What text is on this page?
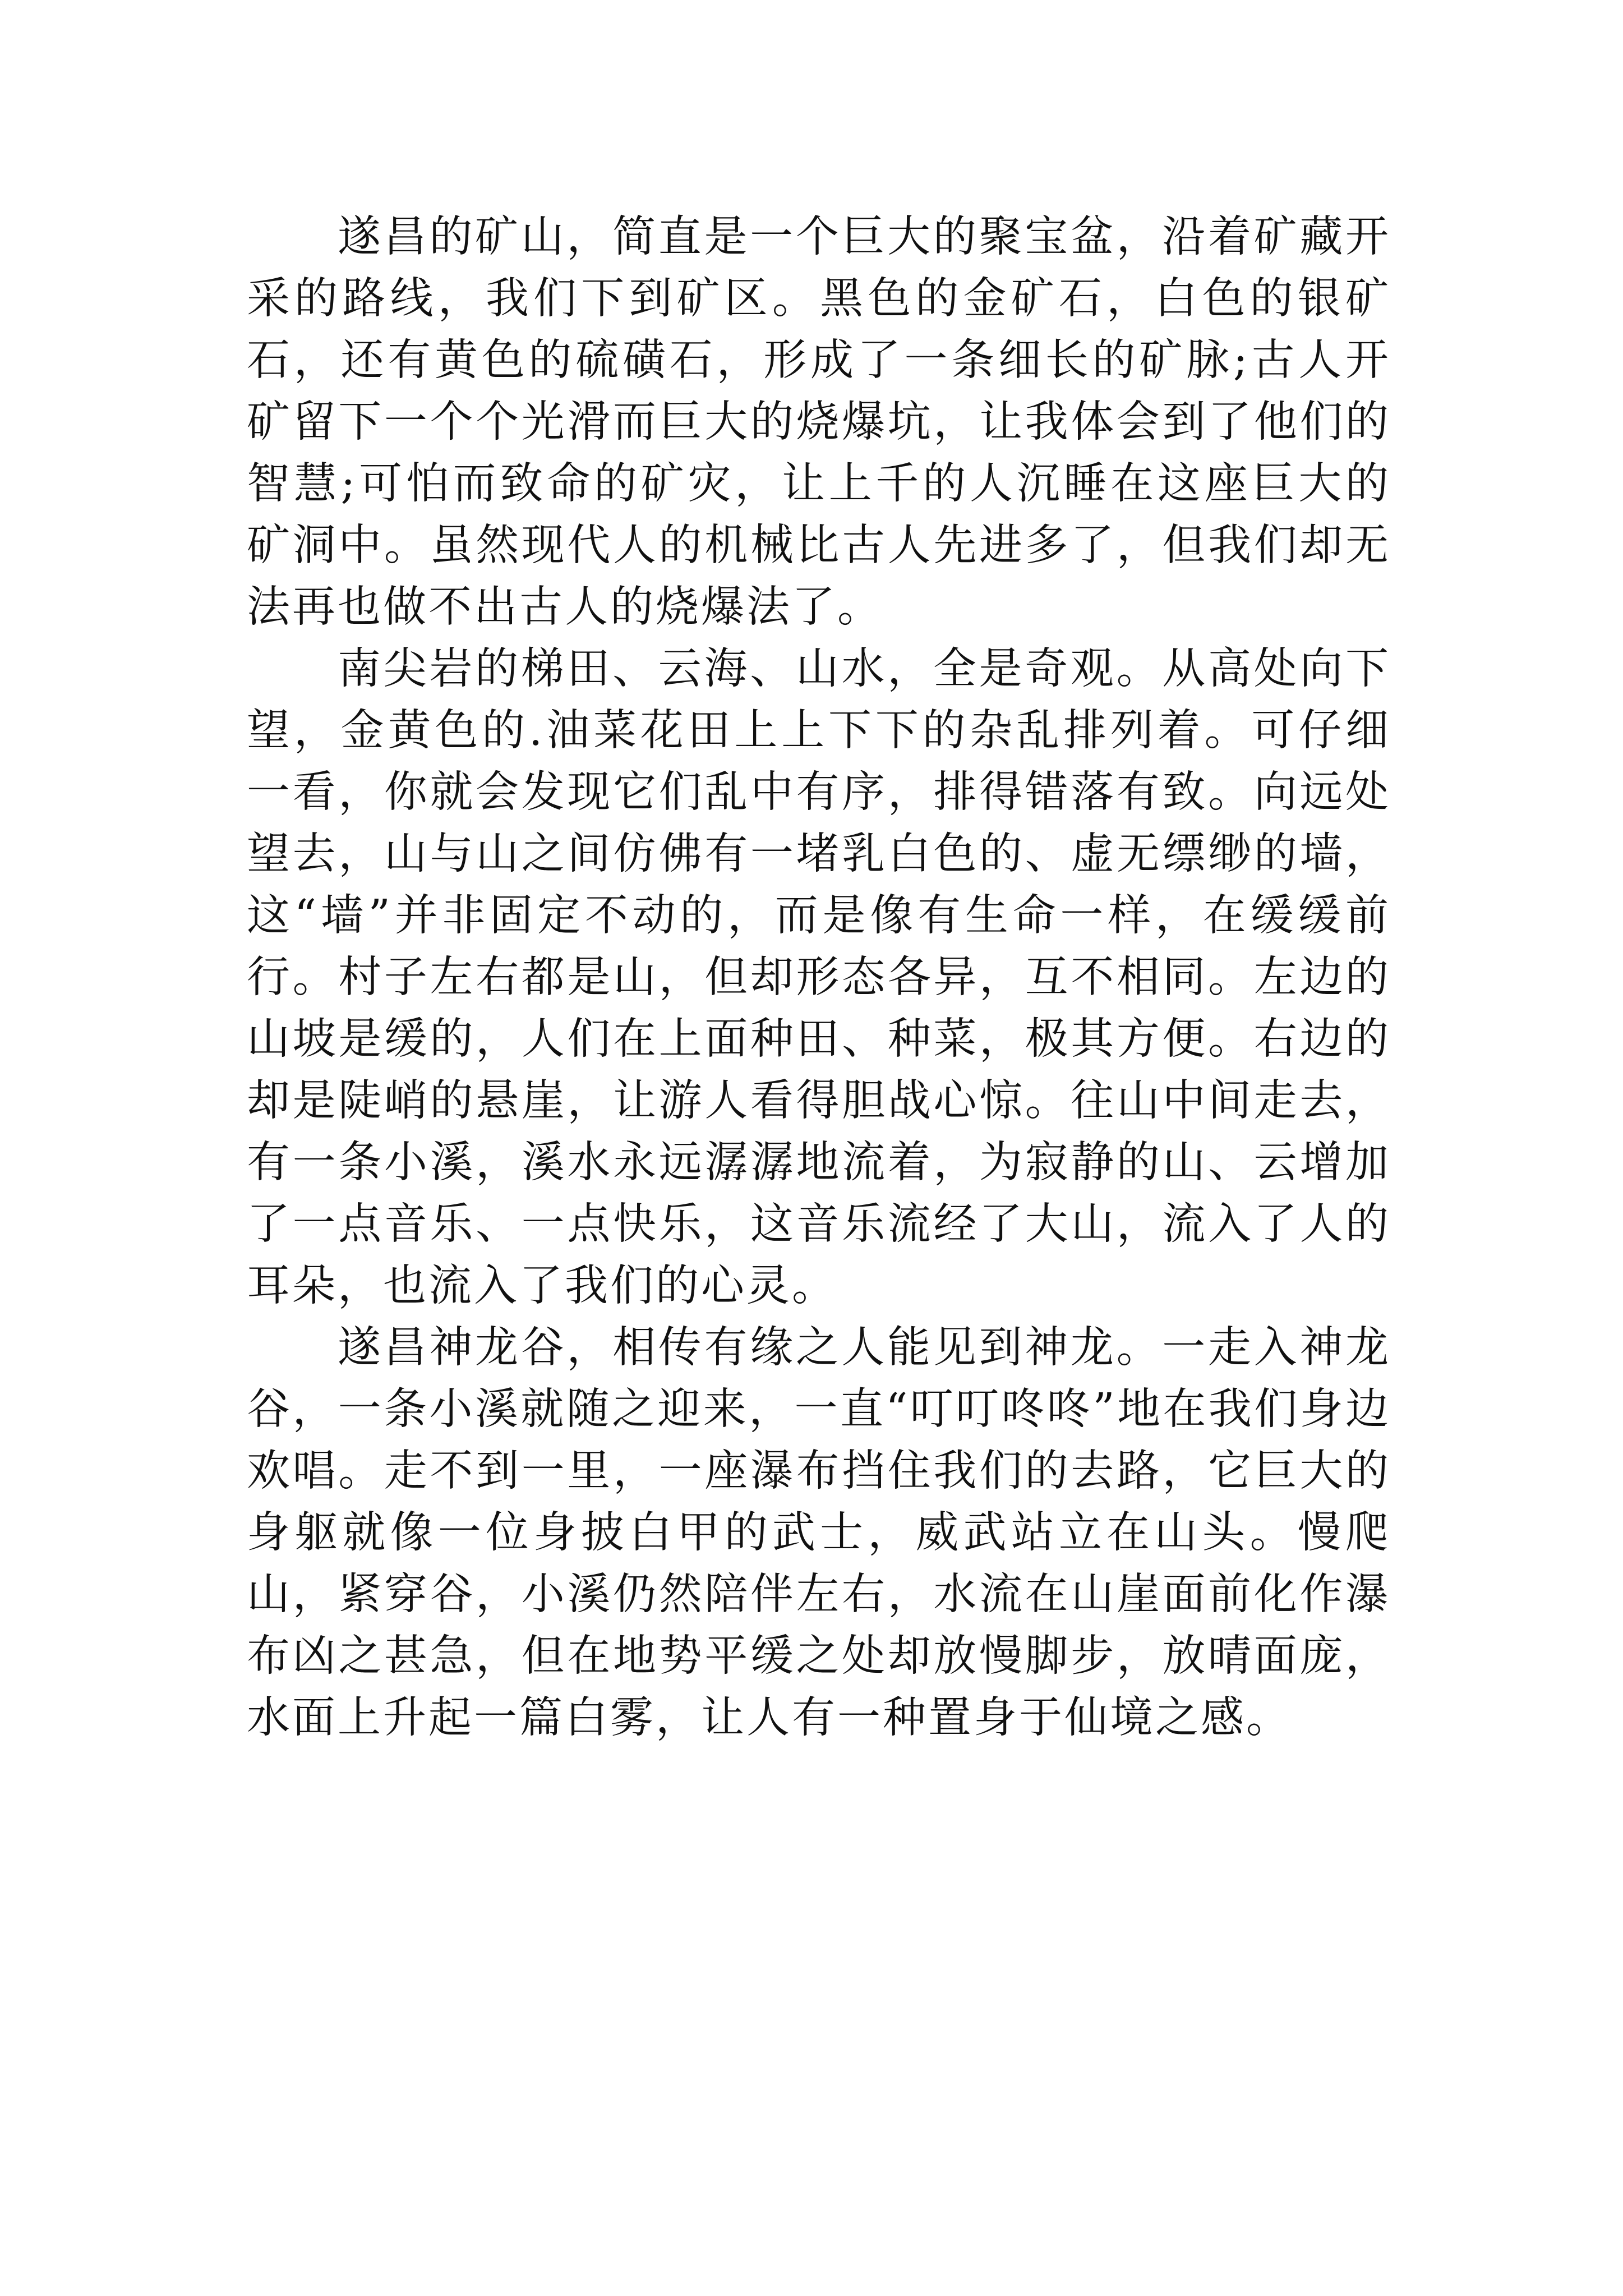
遂昌的矿山，简直是一个巨大的聚宝盆，沿着矿藏开采的路线，我们下到矿区。黑色的金矿石，白色的银矿石，还有黄色的硫磺石，形成了一条细长的矿脉;古人开矿留下一个个光滑而巨大的烧爆坑，让我体会到了他们的智慧;可怕而致命的矿灾，让上千的人沉睡在这座巨大的矿洞中。虽然现代人的机械比古人先进多了，但我们却无法再也做不出古人的烧爆法了。

南尖岩的梯田、云海、山水，全是奇观。从高处向下望，金黄色的.油菜花田上上下下的杂乱排列着。可仔细一看，你就会发现它们乱中有序，排得错落有致。向远处望去，山与山之间仿佛有一堵乳白色的、虚无缥缈的墙，这“墙”并非固定不动的，而是像有生命一样，在缓缓前行。村子左右都是山，但却形态各异，互不相同。左边的山坡是缓的，人们在上面种田、种菜，极其方便。右边的却是陡峭的悬崖，让游人看得胆战心惊。往山中间走去，有一条小溪，溪水永远潺潺地流着，为寂静的山、云增加了一点音乐、一点快乐，这音乐流经了大山，流入了人的耳朵，也流入了我们的心灵。

遂昌神龙谷，相传有缘之人能见到神龙。一走入神龙谷，一条小溪就随之迎来，一直“叮叮咚咚”地在我们身边欢唱。走不到一里，一座瀑布挡住我们的去路，它巨大的身躯就像一位身披白甲的武士，威武站立在山头。慢爬山，紧穿谷，小溪仍然陪伴左右，水流在山崖面前化作瀑布凶之甚急，但在地势平缓之处却放慢脚步，放晴面庞，水面上升起一篇白雾，让人有一种置身于仙境之感。
